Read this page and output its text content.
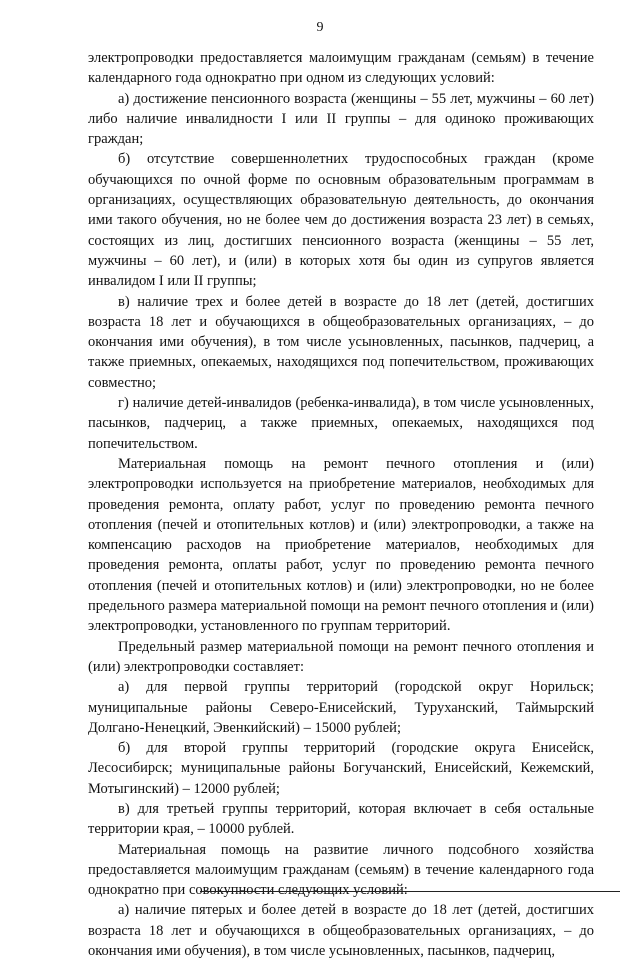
9

электропроводки предоставляется малоимущим гражданам (семьям) в течение календарного года однократно при одном из следующих условий:

а) достижение пенсионного возраста (женщины – 55 лет, мужчины – 60 лет) либо наличие инвалидности I или II группы – для одиноко проживающих граждан;

б) отсутствие совершеннолетних трудоспособных граждан (кроме обучающихся по очной форме по основным образовательным программам в организациях, осуществляющих образовательную деятельность, до окончания ими такого обучения, но не более чем до достижения возраста 23 лет) в семьях, состоящих из лиц, достигших пенсионного возраста (женщины – 55 лет, мужчины – 60 лет), и (или) в которых хотя бы один из супругов является инвалидом I или II группы;

в) наличие трех и более детей в возрасте до 18 лет (детей, достигших возраста 18 лет и обучающихся в общеобразовательных организациях, – до окончания ими обучения), в том числе усыновленных, пасынков, падчериц, а также приемных, опекаемых, находящихся под попечительством, проживающих совместно;

г) наличие детей-инвалидов (ребенка-инвалида), в том числе усыновленных, пасынков, падчериц, а также приемных, опекаемых, находящихся под попечительством.

Материальная помощь на ремонт печного отопления и (или) электропроводки используется на приобретение материалов, необходимых для проведения ремонта, оплату работ, услуг по проведению ремонта печного отопления (печей и отопительных котлов) и (или) электропроводки, а также на компенсацию расходов на приобретение материалов, необходимых для проведения ремонта, оплаты работ, услуг по проведению ремонта печного отопления (печей и отопительных котлов) и (или) электропроводки, но не более предельного размера материальной помощи на ремонт печного отопления и (или) электропроводки, установленного по группам территорий.

Предельный размер материальной помощи на ремонт печного отопления и (или) электропроводки составляет:

а) для первой группы территорий (городской округ Норильск; муниципальные районы Северо-Енисейский, Туруханский, Таймырский Долгано-Ненецкий, Эвенкийский) – 15000 рублей;

б) для второй группы территорий (городские округа Енисейск, Лесосибирск; муниципальные районы Богучанский, Енисейский, Кежемский, Мотыгинский) – 12000 рублей;

в) для третьей группы территорий, которая включает в себя остальные территории края, – 10000 рублей.

Материальная помощь на развитие личного подсобного хозяйства предоставляется малоимущим гражданам (семьям) в течение календарного года однократно при совокупности следующих условий:

а) наличие пятерых и более детей в возрасте до 18 лет (детей, достигших возраста 18 лет и обучающихся в общеобразовательных организациях, – до окончания ими обучения), в том числе усыновленных, пасынков, падчериц,
